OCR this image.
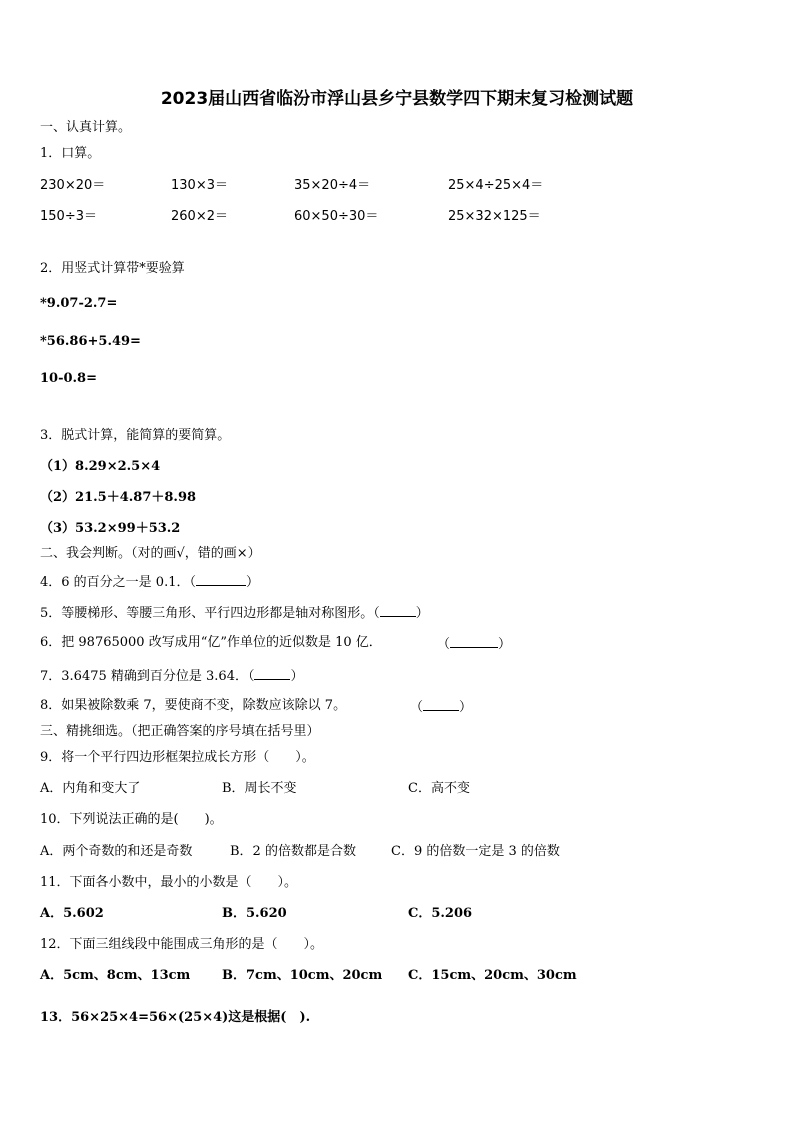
2023届山西省临汾市浮山县乡宁县数学四下期末复习检测试题
一、认真计算。
1．口算。
230×20＝	130×3＝	35×20÷4＝	25×4÷25×4＝
150÷3＝	260×2＝	60×50÷30＝	25×32×125＝
2．用竖式计算带*要验算
*9.07-2.7=
*56.86+5.49=
10-0.8=
3．脱式计算，能简算的要简算。
（1）8.29×2.5×4
（2）21.5＋4.87＋8.98
（3）53.2×99＋53.2
二、我会判断。（对的画√，错的画×）
4．6 的百分之一是 0.1．（	）
5．等腰梯形、等腰三角形、平行四边形都是轴对称图形。（	）
6．把 98765000 改写成用“亿”作单位的近似数是 10 亿．	（	）
7．3.6475 精确到百分位是 3.64．（	）
8．如果被除数乘 7，要使商不变，除数应该除以 7。	（	）
三、精挑细选。（把正确答案的序号填在括号里）
9．将一个平行四边形框架拉成长方形（　　）。
A．内角和变大了	B．周长不变	C．高不变
10．下列说法正确的是(　　)。
A．两个奇数的和还是奇数	B．2 的倍数都是合数	C．9 的倍数一定是 3 的倍数
11．下面各小数中，最小的小数是（　　）。
A．5.602	B．5.620	C．5.206
12．下面三组线段中能围成三角形的是（　　）。
A．5cm、8cm、13cm B．7cm、10cm、20cm C．15cm、20cm、30cm
13．56×25×4=56×(25×4)这是根据(　).
